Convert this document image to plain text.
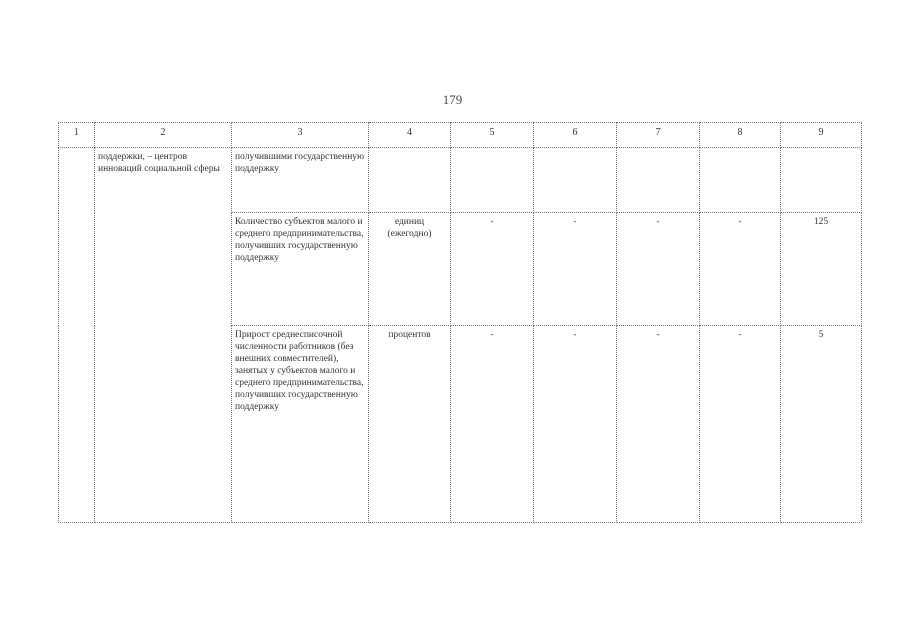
179
1	2	3	4	5	6	7	8	9
	поддержки, – центров инноваций социальной сферы	получившими государственную поддержку						
		Количество субъектов малого и среднего предпринимательства, получивших государственную поддержку	единиц (ежегодно)	-	-	-	-	125
		Прирост среднесписочной численности работников (без внешних совместителей), занятых у субъектов малого и среднего предпринимательства, получивших государственную поддержку	процентов	-	-	-	-	5
